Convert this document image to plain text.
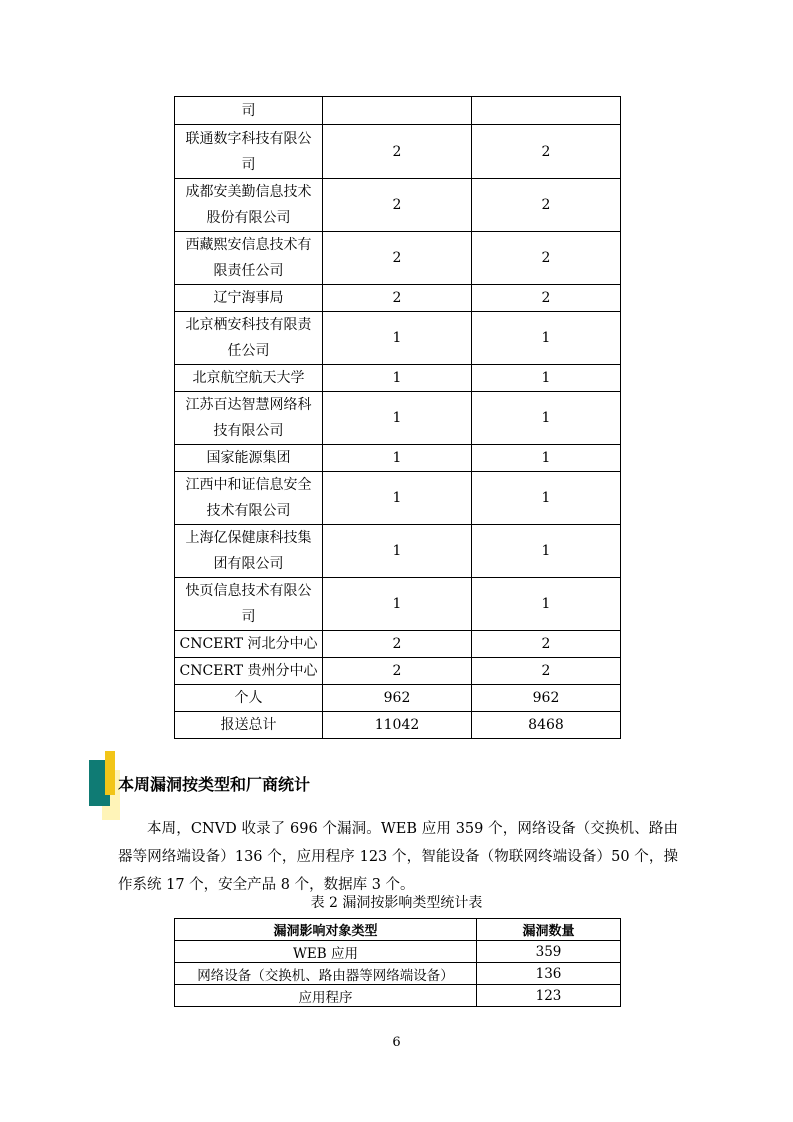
司		
联通数字科技有限公司	2	2
成都安美勤信息技术股份有限公司	2	2
西藏熙安信息技术有限责任公司	2	2
辽宁海事局	2	2
北京栖安科技有限责任公司	1	1
北京航空航天大学	1	1
江苏百达智慧网络科技有限公司	1	1
国家能源集团	1	1
江西中和证信息安全技术有限公司	1	1
上海亿保健康科技集团有限公司	1	1
快页信息技术有限公司	1	1
CNCERT 河北分中心	2	2
CNCERT 贵州分中心	2	2
个人	962	962
报送总计	11042	8468
本周漏洞按类型和厂商统计
本周，CNVD 收录了 696 个漏洞。WEB 应用 359 个，网络设备（交换机、路由器等网络端设备）136 个，应用程序 123 个，智能设备（物联网终端设备）50 个，操作系统 17 个，安全产品 8 个，数据库 3 个。
表 2 漏洞按影响类型统计表
漏洞影响对象类型	漏洞数量
WEB 应用	359
网络设备（交换机、路由器等网络端设备）	136
应用程序	123
6
